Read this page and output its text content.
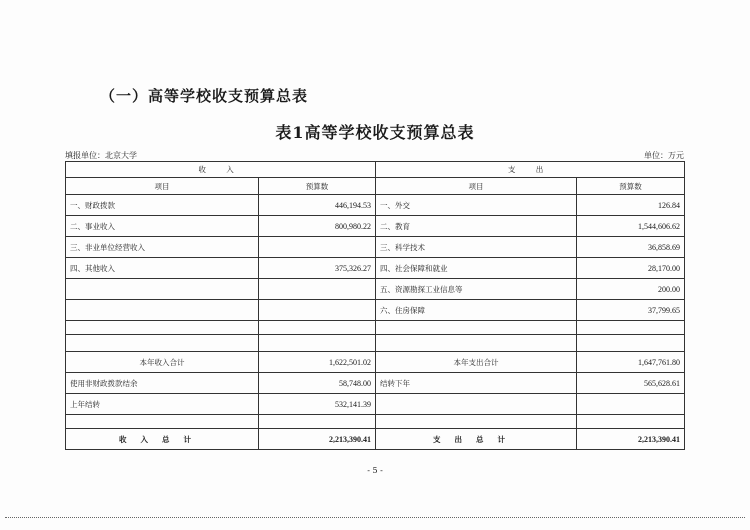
（一）高等学校收支预算总表
表1高等学校收支预算总表
填报单位：北京大学	单位：万元
收 入		支 出	
项目	预算数	项目	预算数
一、财政拨款	446,194.53	一、外交	126.84
二、事业收入	800,980.22	二、教育	1,544,606.62
三、非业单位经营收入		三、科学技术	36,858.69
四、其他收入	375,326.27	四、社会保障和就业	28,170.00
		五、资源勘探工业信息等	200.00
		六、住房保障	37,799.65

本年收入合计	1,622,501.02	本年支出合计	1,647,761.80
使用非财政拨款结余	58,748.00	结转下年	565,628.61
上年结转	532,141.39		

收入总计	2,213,390.41	支出总计	2,213,390.41
- 5 -
